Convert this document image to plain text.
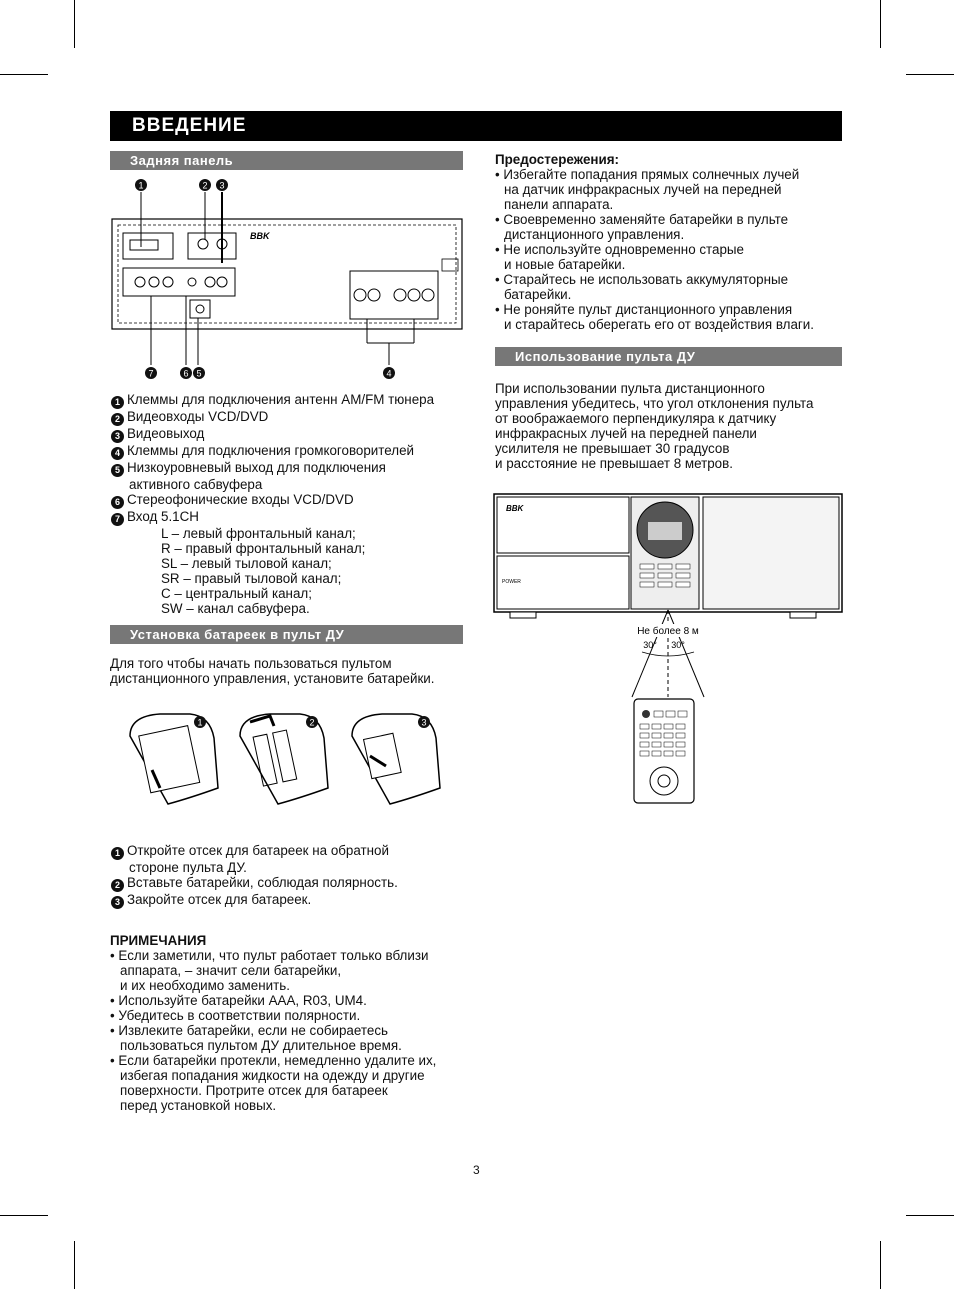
ВВЕДЕНИЕ
Задняя панель
BBK
1	2 3
7	6 5	4
1 Клеммы для подключения антенн AM/FM тюнера
2 Видеовходы VCD/DVD
3 Видеовыход
4 Клеммы для подключения громкоговорителей
5 Низкоуровневый выход для подключения
активного сабвуфера
6 Стереофонические входы VCD/DVD
7 Вход 5.1CH
L – левый фронтальный канал;
R – правый фронтальный канал;
SL – левый тыловой канал;
SR – правый тыловой канал;
C – центральный канал;
SW – канал сабвуфера.
Установка батареек в пульт ДУ
Для того чтобы начать пользоваться пультом
дистанционного управления, установите батарейки.
1	2	3
1 Откройте отсек для батареек на обратной
стороне пульта ДУ.
2 Вставьте батарейки, соблюдая полярность.
3 Закройте отсек для батареек.
ПРИМЕЧАНИЯ
• Если заметили, что пульт работает только вблизи
аппарата, – значит сели батарейки,
и их необходимо заменить.
• Используйте батарейки AAA, R03, UM4.
• Убедитесь в соответствии полярности.
• Извлеките батарейки, если не собираетесь
пользоваться пультом ДУ длительное время.
• Если батарейки протекли, немедленно удалите их,
избегая попадания жидкости на одежду и другие
поверхности. Протрите отсек для батареек
перед установкой новых.
Предостережения:
• Избегайте попадания прямых солнечных лучей
на датчик инфракрасных лучей на передней
панели аппарата.
• Своевременно заменяйте батарейки в пульте
дистанционного управления.
• Не используйте одновременно старые
и новые батарейки.
• Старайтесь не использовать аккумуляторные
батарейки.
• Не роняйте пульт дистанционного управления
и старайтесь оберегать его от воздействия влаги.
Использование пульта ДУ
При использовании пульта дистанционного
управления убедитесь, что угол отклонения пульта
от воображаемого перпендикуляра к датчику
инфракрасных лучей на передней панели
усилителя не превышает 30 градусов
и расстояние не превышает 8 метров.
BBK
POWER
Не более 8 м
30° 30°
3
